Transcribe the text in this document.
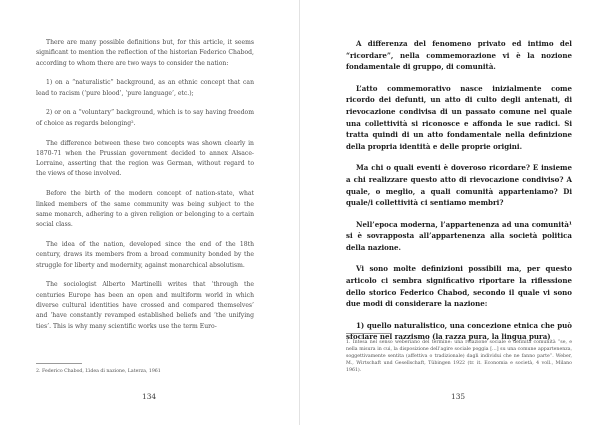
There are many possible definitions but, for this article, it seems significant to mention the reflection of the historian Federico Chabod, according to whom there are two ways to consider the nation:

1) on a “naturalistic” background, as an ethnic concept that can lead to racism (‘pure blood’, ‘pure language’, etc.);

2) or on a “voluntary” background, which is to say having freedom of choice as regards belonging².

The difference between these two concepts was shown clearly in 1870-71 when the Prussian government decided to annex Alsace-Lorraine, asserting that the region was German, without regard to the views of those involved.

Before the birth of the modern concept of nation-state, what linked members of the same community was being subject to the same monarch, adhering to a given religion or belonging to a certain social class.

The idea of the nation, developed since the end of the 18th century, draws its members from a broad community bonded by the struggle for liberty and modernity, against monarchical absolutism.

The sociologist Alberto Martinelli writes that ‘through the centuries Europe has been an open and multiform world in which diverse cultural identities have crossed and compared themselves’ and ‘have constantly revamped established beliefs and ‘the unifying ties’. This is why many scientific works use the term Euro-

2. Federico Chabod, L’idea di nazione, Laterza, 1961
134

A differenza del fenomeno privato ed intimo del “ricordare”, nella commemorazione vi è la nozione fondamentale di gruppo, di comunità.

L’atto commemorativo nasce inizialmente come ricordo dei defunti, un atto di culto degli antenati, di rievocazione condivisa di un passato comune nel quale una collettività si riconosce e affonda le sue radici. Si tratta quindi di un atto fondamentale nella definizione della propria identità e delle proprie origini.

Ma chi o quali eventi è doveroso ricordare? E insieme a chi realizzare questo atto di rievocazione condiviso? A quale, o meglio, a quali comunità apparteniamo? Di quale/i collettività ci sentiamo membri?

Nell’epoca moderna, l’appartenenza ad una comunità¹ si è sovrapposta all’appartenenza alla società politica della nazione.

Vi sono molte definizioni possibili ma, per questo articolo ci sembra significativo riportare la riflessione dello storico Federico Chabod, secondo il quale vi sono due modi di considerare la nazione:

1) quello naturalistico, una concezione etnica che può sfociare nel razzismo (la razza pura, la lingua pura)

1. Intesa nel senso weberiano del termine: una relazione sociale è definita comunità “se, e nella misura in cui, la disposizione dell’agire sociale poggia […] su una comune appartenenza, soggettivamente sentita (affettiva o tradizionale) dagli individui che ne fanno parte”. Weber, M., Wirtschaft und Gesellschaft, Tübingen 1922 (tr. it. Economia e società, 4 voll., Milano 1961).
135
